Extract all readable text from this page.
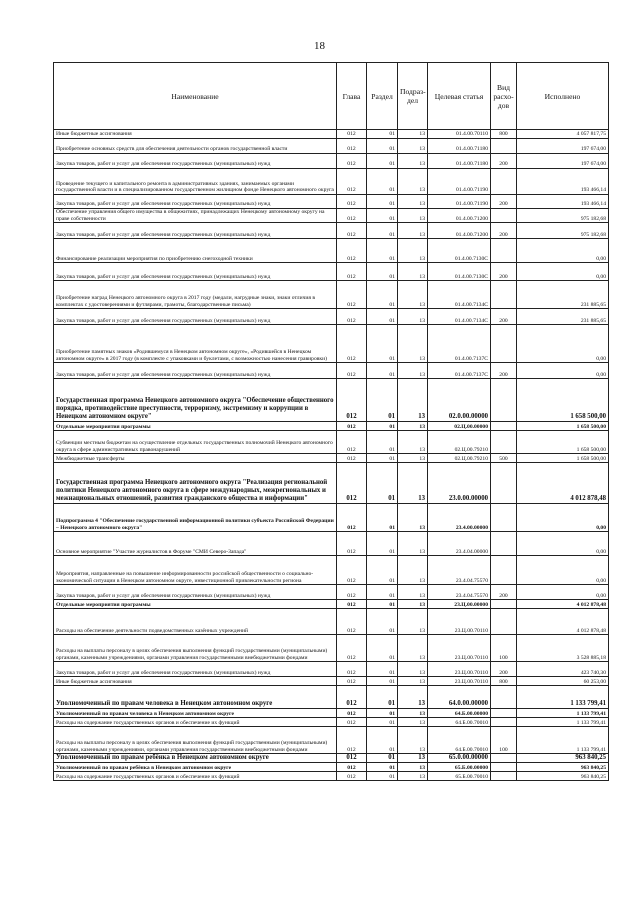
18
Наименование	Глава	Раздел	Подраз-дел	Целевая статья	Вид расхо-дов	Исполнено
Иные бюджетные ассигнования	012	01	13	01.4.00.70110	800	4 057 817,75
Приобретение основных средств для обеспечения деятельности органов государственной власти	012	01	13	01.4.00.71180		197 674,00
Закупка товаров, работ и услуг для обеспечения государственных (муниципальных) нужд	012	01	13	01.4.00.71180	200	197 674,00
Проведение текущего и капитального ремонта в административных зданиях, занимаемых органами государственной власти и в специализированном государственном жилищном фонде Ненецкого автономного округа	012	01	13	01.4.00.71190		193 466,14
Закупка товаров, работ и услуг для обеспечения государственных (муниципальных) нужд	012	01	13	01.4.00.71190	200	193 466,14
Обеспечение управления общего имущества в общежитиях, принадлежащих Ненецкому автономному округу на праве собственности	012	01	13	01.4.00.71200		975 182,68
Закупка товаров, работ и услуг для обеспечения государственных (муниципальных) нужд	012	01	13	01.4.00.71200	200	975 182,68
Финансирование реализации мероприятия по приобретению снегоходной техники	012	01	13	01.4.00.7130С		0,00
Закупка товаров, работ и услуг для обеспечения государственных (муниципальных) нужд	012	01	13	01.4.00.7130С	200	0,00
Приобретение наград Ненецкого автономного округа в 2017 году (медали, нагрудные знаки, знаки отличия в комплектах с удостоверениями и футлярами, грамоты, благодарственные письма)	012	01	13	01.4.00.7134С		231 885,65
Закупка товаров, работ и услуг для обеспечения государственных (муниципальных) нужд	012	01	13	01.4.00.7134С	200	231 885,65
Приобретение памятных знаков «Родившемуся в Ненецком автономном округе», «Родившейся в Ненецком автономном округе» в 2017 году (в комплекте с упаковками и буклетами, с возможностью нанесения гравировки)	012	01	13	01.4.00.7137С		0,00
Закупка товаров, работ и услуг для обеспечения государственных (муниципальных) нужд	012	01	13	01.4.00.7137С	200	0,00
Государственная программа Ненецкого автономного округа "Обеспечение общественного порядка, противодействие преступности, терроризму, экстремизму и коррупции в Ненецком автономном округе"	012	01	13	02.0.00.00000		1 658 500,00
Отдельные мероприятия программы	012	01	13	02.Ц.00.00000		1 658 500,00
Субвенции местным бюджетам на осуществление отдельных государственных полномочий Ненецкого автономного округа в сфере административных правонарушений	012	01	13	02.Ц.00.79210		1 658 500,00
Межбюджетные трансферты	012	01	13	02.Ц.00.79210	500	1 658 500,00
Государственная программа Ненецкого автономного округа "Реализация региональной политики Ненецкого автономного округа в сфере международных, межрегиональных и межнациональных отношений, развития гражданского общества и информации"	012	01	13	23.0.00.00000		4 012 878,48
Подпрограмма 4 "Обеспечение государственной информационной политики субъекта Российской Федерации – Ненецкого автономного округа"	012	01	13	23.4.00.00000		0,00
Основное мероприятие "Участие журналистов в Форуме "СМИ Северо-Запада"	012	01	13	23.4.04.00000		0,00
Мероприятия, направленные на повышение информированности российской общественности о социально-экономической ситуации в Ненецком автономном округе, инвестиционной привлекательности региона	012	01	13	23.4.04.75570		0,00
Закупка товаров, работ и услуг для обеспечения государственных (муниципальных) нужд	012	01	13	23.4.04.75570	200	0,00
Отдельные мероприятия программы	012	01	13	23.Ц.00.00000		4 012 878,48
Расходы на обеспечение деятельности подведомственных казённых учреждений	012	01	13	23.Ц.00.70110		4 012 878,48
Расходы на выплаты персоналу в целях обеспечения выполнения функций государственными (муниципальными) органами, казенными учреждениями, органами управления государственными внебюджетными фондами	012	01	13	23.Ц.00.70110	100	3 528 885,18
Закупка товаров, работ и услуг для обеспечения государственных (муниципальных) нужд	012	01	13	23.Ц.00.70110	200	423 740,30
Иные бюджетные ассигнования	012	01	13	23.Ц.00.70110	800	60 253,00
Уполномоченный по правам человека в Ненецком автономном округе	012	01	13	64.0.00.00000		1 133 799,41
Уполномоченный по правам человека в Ненецком автономном округе	012	01	13	64.Б.00.00000		1 133 799,41
Расходы на содержание государственных органов и обеспечение их функций	012	01	13	64.Б.00.70010		1 133 799,41
Расходы на выплаты персоналу в целях обеспечения выполнения функций государственными (муниципальными) органами, казенными учреждениями, органами управления государственными внебюджетными фондами	012	01	13	64.Б.00.70010	100	1 133 799,41
Уполномоченный по правам ребёнка в Ненецком автономном округе	012	01	13	65.0.00.00000		963 840,25
Уполномоченный по правам ребёнка в Ненецком автономном округе	012	01	13	65.Б.00.00000		963 840,25
Расходы на содержание государственных органов и обеспечение их функций	012	01	13	65.Б.00.70010		963 840,25
